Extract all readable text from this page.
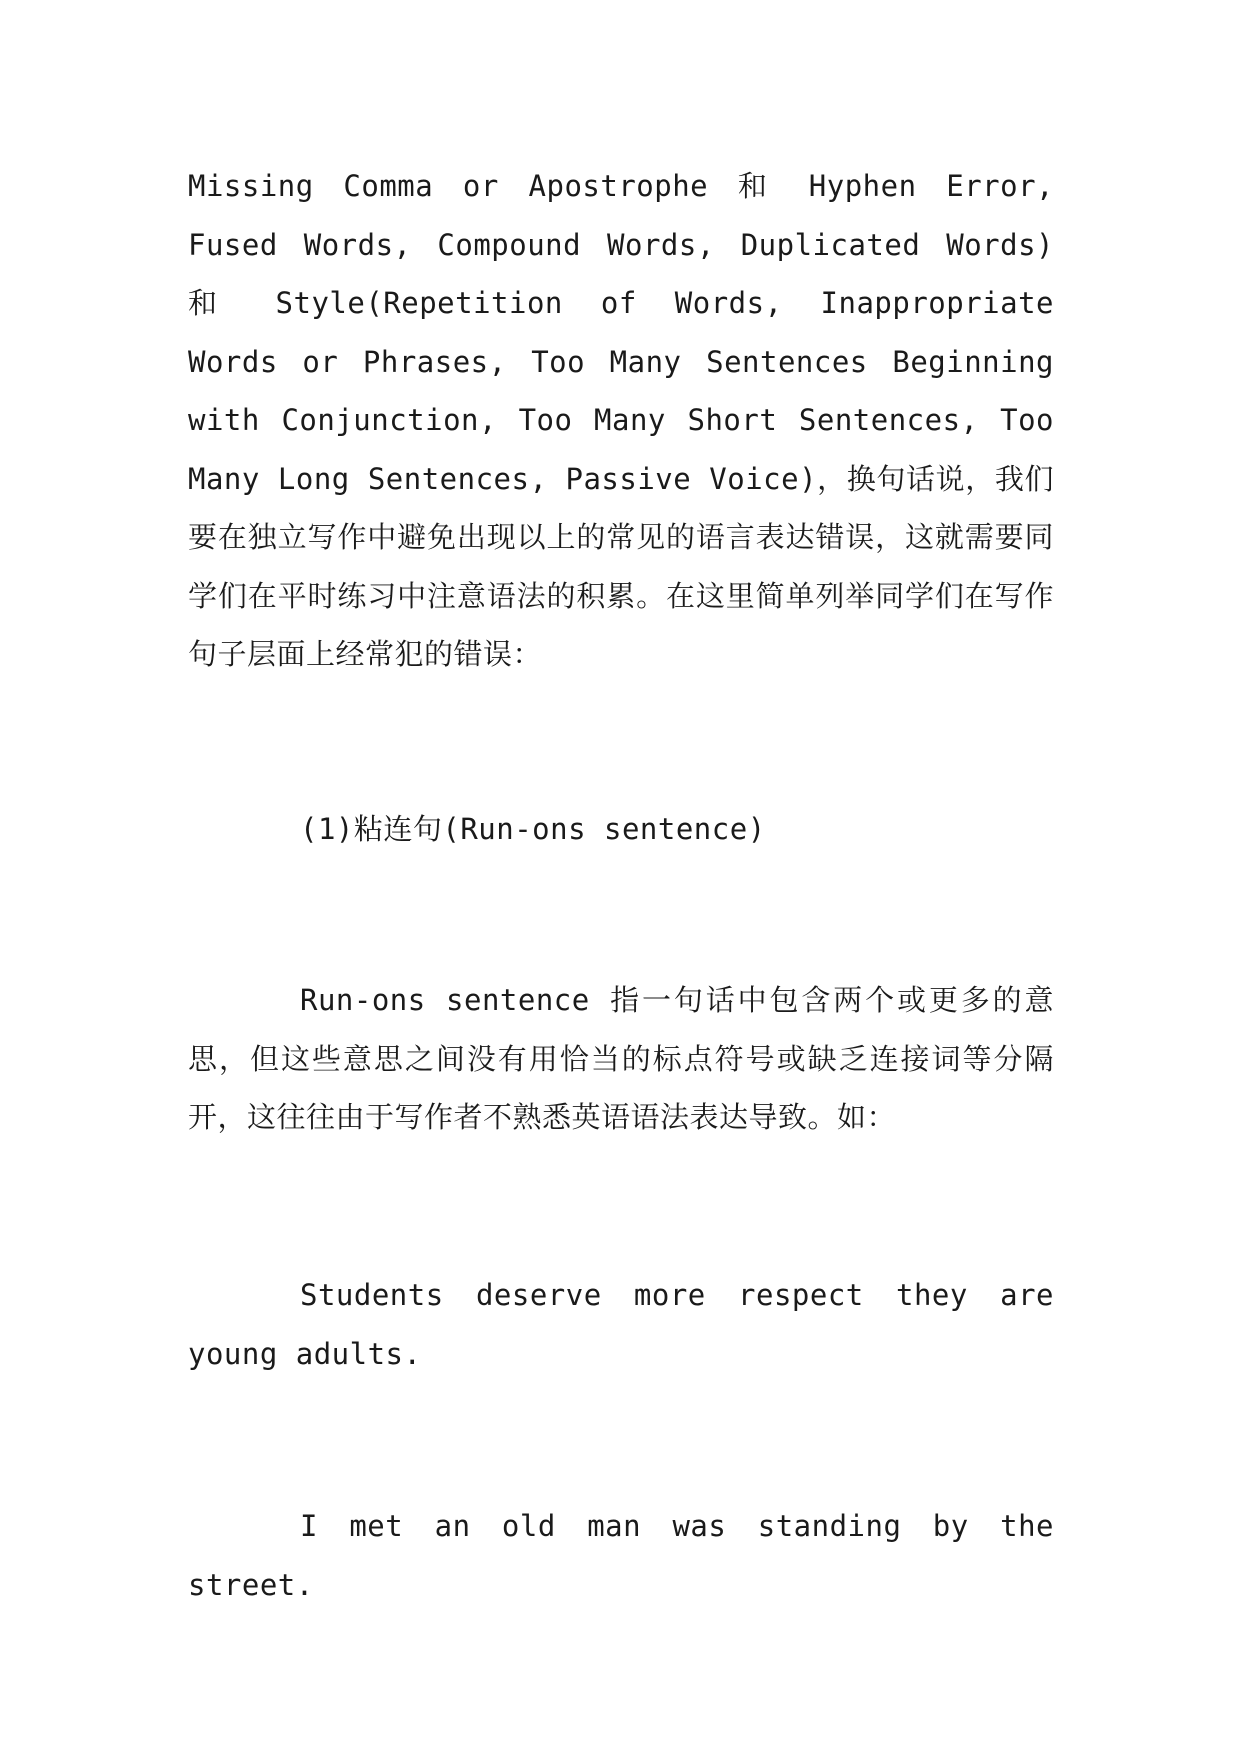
Missing Comma or Apostrophe 和 Hyphen Error, Fused Words, Compound Words, Duplicated Words) 和 Style(Repetition of Words, Inappropriate Words or Phrases, Too Many Sentences Beginning with Conjunction, Too Many Short Sentences, Too Many Long Sentences, Passive Voice)，换句话说，我们要在独立写作中避免出现以上的常见的语言表达错误，这就需要同学们在平时练习中注意语法的积累。在这里简单列举同学们在写作句子层面上经常犯的错误：

(1)粘连句(Run-ons sentence)

Run-ons sentence 指一句话中包含两个或更多的意思，但这些意思之间没有用恰当的标点符号或缺乏连接词等分隔开，这往往由于写作者不熟悉英语语法表达导致。如：

Students deserve more respect they are young adults.

I met an old man was standing by the street.
